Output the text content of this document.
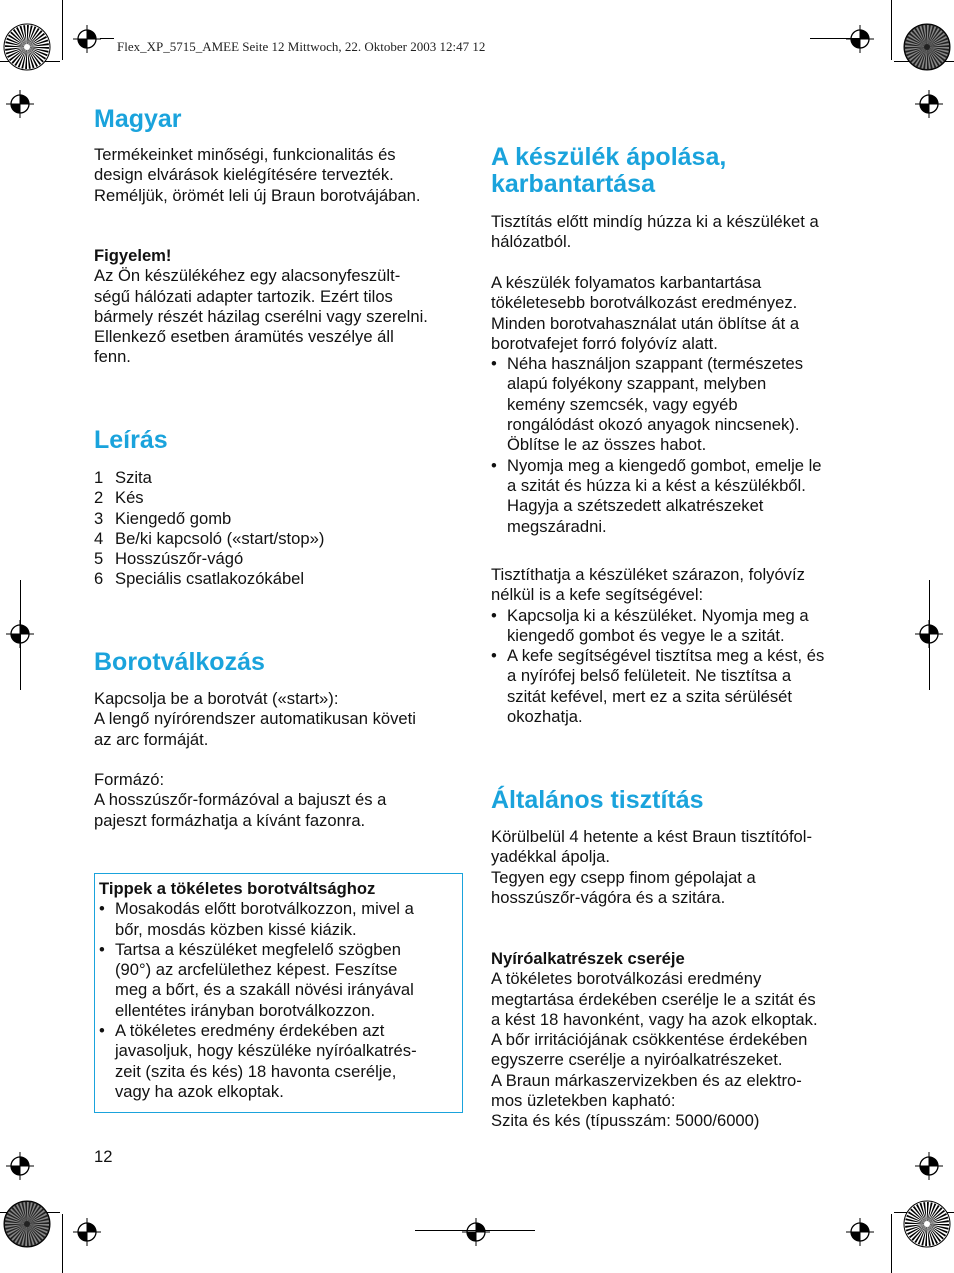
Flex_XP_5715_AMEE Seite 12 Mittwoch, 22. Oktober 2003 12:47 12
Magyar

Termékeinket minőségi, funkcionalitás és

design elvárások kielégítésére tervezték.

Reméljük, örömét leli új Braun borotvájában.

Figyelem!

Az Ön készülékéhez egy alacsonyfeszült-

ségű hálózati adapter tartozik. Ezért tilos

bármely részét házilag cserélni vagy szerelni.

Ellenkező esetben áramütés veszélye áll

fenn.

Leírás
1 Szita
2 Kés
3 Kiengedő gomb
4 Be/ki kapcsoló («start/stop»)
5 Hosszúszőr-vágó
6 Speciális csatlakozókábel
Borotválkozás

Kapcsolja be a borotvát («start»):

A lengő nyírórendszer automatikusan követi

az arc formáját.

Formázó:

A hosszúszőr-formázóval a bajuszt és a

pajeszt formázhatja a kívánt fazonra.

Tippek a tökéletes borotváltsághoz

• Mosakodás előtt borotválkozzon, mivel a
bőr, mosdás közben kissé kiázik.
• Tartsa a készüléket megfelelő szögben
(90°) az arcfelülethez képest. Feszítse
meg a bőrt, és a szakáll növési irányával
ellentétes irányban borotválkozzon.
• A tökéletes eredmény érdekében azt
javasoljuk, hogy készüléke nyíróalkatrés-
zeit (szita és kés) 18 havonta cserélje,
vagy ha azok elkoptak.
12
A készülék ápolása,
karbantartása

Tisztítás előtt mindíg húzza ki a készüléket a

hálózatból.

A készülék folyamatos karbantartása

tökéletesebb borotválkozást eredményez.

Minden borotvahasználat után öblítse át a

borotvafejet forró folyóvíz alatt.

• Néha használjon szappant (természetes
alapú folyékony szappant, melyben
kemény szemcsék, vagy egyéb
rongálódást okozó anyagok nincsenek).
Öblítse le az összes habot.
• Nyomja meg a kiengedő gombot, emelje le
a szitát és húzza ki a kést a készülékből.
Hagyja a szétszedett alkatrészeket
megszáradni.

Tisztíthatja a készüléket szárazon, folyóvíz

nélkül is a kefe segítségével:

• Kapcsolja ki a készüléket. Nyomja meg a
kiengedő gombot és vegye le a szitát.
• A kefe segítségével tisztítsa meg a kést, és
a nyírófej belső felületeit. Ne tisztítsa a
szitát kefével, mert ez a szita sérülését
okozhatja.
Általános tisztítás

Körülbelül 4 hetente a kést Braun tisztítófol-

yadékkal ápolja.

Tegyen egy csepp finom gépolajat a

hosszúszőr-vágóra és a szitára.

Nyíróalkatrészek cseréje

A tökéletes borotválkozási eredmény

megtartása érdekében cserélje le a szitát és

a kést 18 havonként, vagy ha azok elkoptak.

A bőr irritációjának csökkentése érdekében

egyszerre cserélje a nyiróalkatrészeket.

A Braun márkaszervizekben és az elektro-

mos üzletekben kapható:

Szita és kés (típusszám: 5000/6000)
